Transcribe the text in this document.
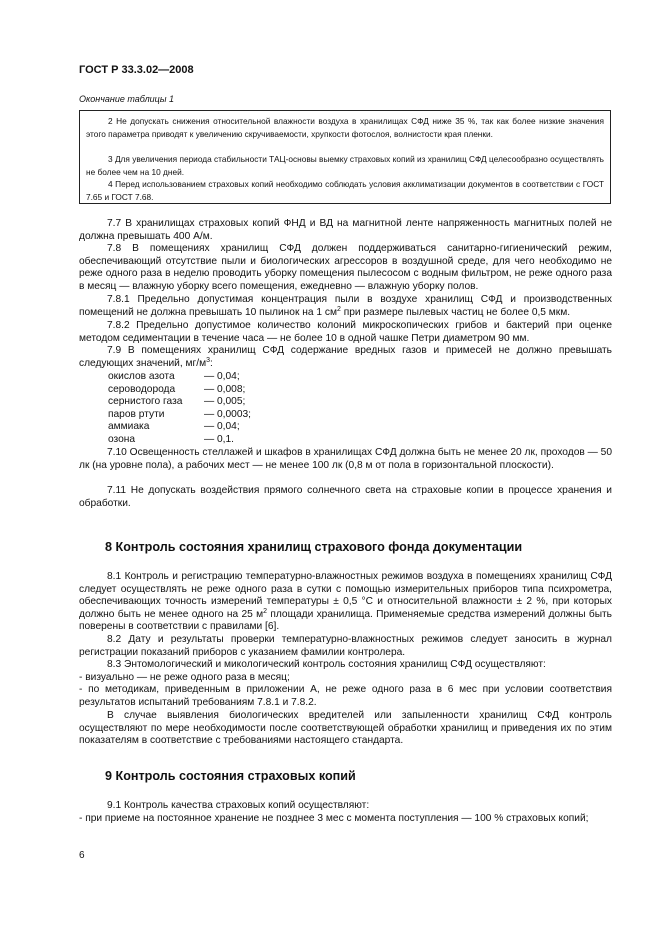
ГОСТ Р 33.3.02—2008

Окончание таблицы 1

2 Не допускать снижения относительной влажности воздуха в хранилищах СФД ниже 35 %, так как более низкие значения этого параметра приводят к увеличению скручиваемости, хрупкости фотослоя, волнистости края пленки.

3 Для увеличения периода стабильности ТАЦ-основы выемку страховых копий из хранилищ СФД целесообразно осуществлять не более чем на 10 дней.

4 Перед использованием страховых копий необходимо соблюдать условия акклиматизации документов в соответствии с ГОСТ 7.65 и ГОСТ 7.68.

7.7 В хранилищах страховых копий ФНД и ВД на магнитной ленте напряженность магнитных полей не должна превышать 400 А/м.

7.8 В помещениях хранилищ СФД должен поддерживаться санитарно-гигиенический режим, обеспечивающий отсутствие пыли и биологических агрессоров в воздушной среде, для чего необходимо не реже одного раза в неделю проводить уборку помещения пылесосом с водным фильтром, не реже одного раза в месяц — влажную уборку всего помещения, ежедневно — влажную уборку полов.

7.8.1 Предельно допустимая концентрация пыли в воздухе хранилищ СФД и производственных помещений не должна превышать 10 пылинок на 1 $см^2$ при размере пылевых частиц не более 0,5 мкм.

7.8.2 Предельно допустимое количество колоний микроскопических грибов и бактерий при оценке методом седиментации в течение часа — не более 10 в одной чашке Петри диаметром 90 мм.

7.9 В помещениях хранилищ СФД содержание вредных газов и примесей не должно превышать следующих значений, $мг/м^3$:

окислов азота	— 0,04;

сероводорода	— 0,008;

сернистого газа — 0,005;

паров ртути	— 0,0003;

аммиака	— 0,04;

озона	— 0,1.

7.10 Освещенность стеллажей и шкафов в хранилищах СФД должна быть не менее 20 лк, проходов — 50 лк (на уровне пола), а рабочих мест — не менее 100 лк (0,8 м от пола в горизонтальной плоскости).

7.11 Не допускать воздействия прямого солнечного света на страховые копии в процессе хранения и обработки.

8 Контроль состояния хранилищ страхового фонда документации

8.1 Контроль и регистрацию температурно-влажностных режимов воздуха в помещениях хранилищ СФД следует осуществлять не реже одного раза в сутки с помощью измерительных приборов типа психрометра, обеспечивающих точность измерений температуры ± 0,5 °С и относительной влажности ± 2 %, при которых должно быть не менее одного на 25 $м^2$ площади хранилища. Применяемые средства измерений должны быть поверены в соответствии с правилами [6].

8.2 Дату и результаты проверки температурно-влажностных режимов следует заносить в журнал регистрации показаний приборов с указанием фамилии контролера.

8.3 Энтомологический и микологический контроль состояния хранилищ СФД осуществляют:

- визуально — не реже одного раза в месяц;

- по методикам, приведенным в приложении А, не реже одного раза в 6 мес при условии соответствия результатов испытаний требованиям 7.8.1 и 7.8.2.

В случае выявления биологических вредителей или запыленности хранилищ СФД контроль осуществляют по мере необходимости после соответствующей обработки хранилищ и приведения их по этим показателям в соответствие с требованиями настоящего стандарта.

9 Контроль состояния страховых копий

9.1 Контроль качества страховых копий осуществляют:

- при приеме на постоянное хранение не позднее 3 мес с момента поступления — 100 % страховых копий;

6
